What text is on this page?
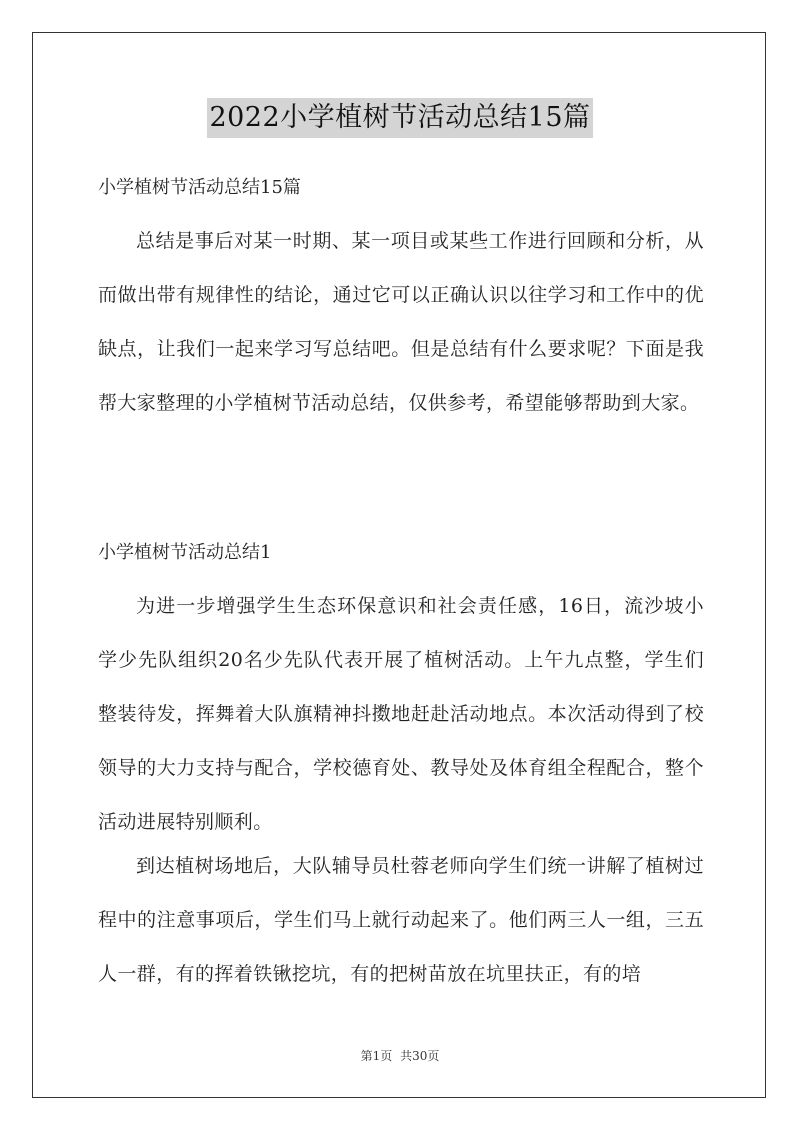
2022小学植树节活动总结15篇
小学植树节活动总结15篇

总结是事后对某一时期、某一项目或某些工作进行回顾和分析，从而做出带有规律性的结论，通过它可以正确认识以往学习和工作中的优缺点，让我们一起来学习写总结吧。但是总结有什么要求呢？下面是我帮大家整理的小学植树节活动总结，仅供参考，希望能够帮助到大家。

小学植树节活动总结1

为进一步增强学生生态环保意识和社会责任感，16日，流沙坡小学少先队组织20名少先队代表开展了植树活动。上午九点整，学生们整装待发，挥舞着大队旗精神抖擞地赶赴活动地点。本次活动得到了校领导的大力支持与配合，学校德育处、教导处及体育组全程配合，整个活动进展特别顺利。

到达植树场地后，大队辅导员杜蓉老师向学生们统一讲解了植树过程中的注意事项后，学生们马上就行动起来了。他们两三人一组，三五人一群，有的挥着铁锹挖坑，有的把树苗放在坑里扶正，有的培

第1页 共30页
